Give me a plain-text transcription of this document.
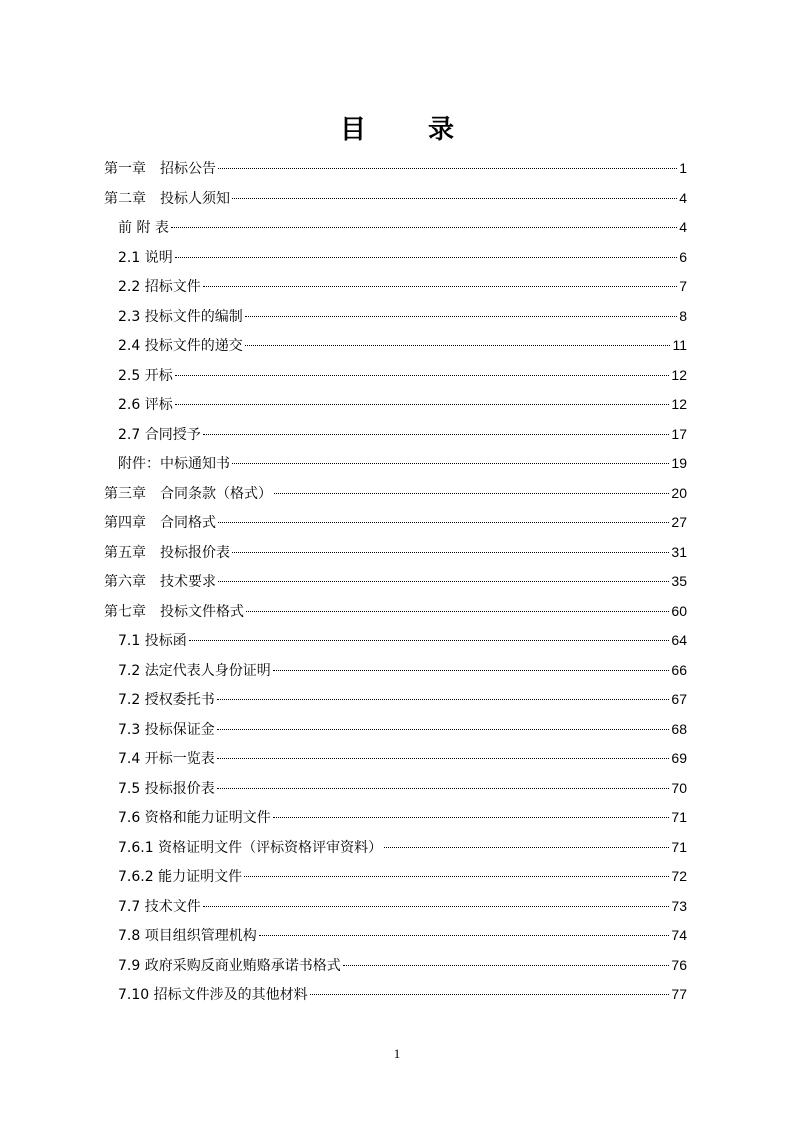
目录
第一章　招标公告	1
第二章　投标人须知	4
前 附 表	4
2.1 说明	6
2.2 招标文件	7
2.3 投标文件的编制	8
2.4 投标文件的递交	11
2.5 开标	12
2.6 评标	12
2.7 合同授予	17
附件：中标通知书	19
第三章　合同条款（格式）	20
第四章　合同格式	27
第五章　投标报价表	31
第六章　技术要求	35
第七章　投标文件格式	60
7.1 投标函	64
7.2 法定代表人身份证明	66
7.2 授权委托书	67
7.3 投标保证金	68
7.4 开标一览表	69
7.5 投标报价表	70
7.6 资格和能力证明文件	71
7.6.1 资格证明文件（评标资格评审资料）	71
7.6.2 能力证明文件	72
7.7 技术文件	73
7.8 项目组织管理机构	74
7.9 政府采购反商业贿赂承诺书格式	76
7.10 招标文件涉及的其他材料	77
1
